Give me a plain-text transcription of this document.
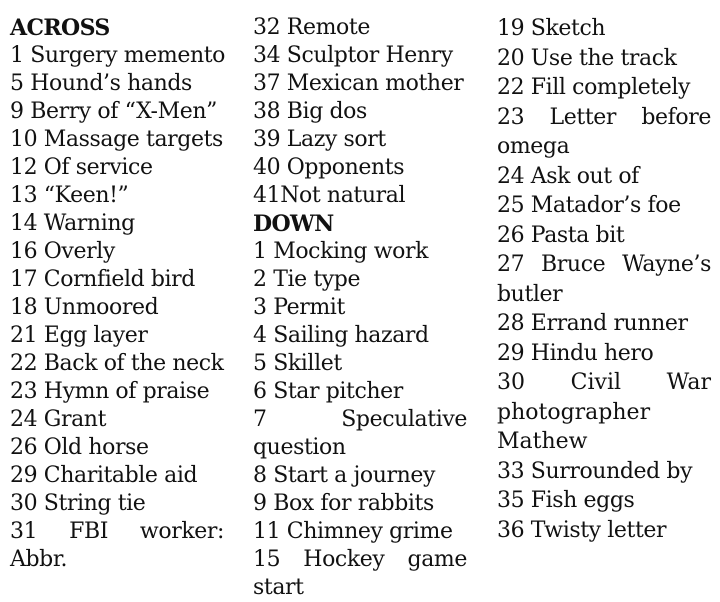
ACROSS
1 Surgery memento
5 Hound’s hands
9 Berry of “X-Men”
10 Massage targets
12 Of service
13 “Keen!”
14 Warning
16 Overly
17 Cornfield bird
18 Unmoored
21 Egg layer
22 Back of the neck
23 Hymn of praise
24 Grant
26 Old horse
29 Charitable aid
30 String tie
31 FBI worker: Abbr.
32 Remote
34 Sculptor Henry
37 Mexican mother
38 Big dos
39 Lazy sort
40 Opponents
41Not natural
DOWN
1 Mocking work
2 Tie type
3 Permit
4 Sailing hazard
5 Skillet
6 Star pitcher
7 Speculative question
8 Start a journey
9 Box for rabbits
11 Chimney grime
15 Hockey game start
19 Sketch
20 Use the track
22 Fill completely
23 Letter before omega
24 Ask out of
25 Matador’s foe
26 Pasta bit
27 Bruce Wayne’s butler
28 Errand runner
29 Hindu hero
30 Civil War photographer Mathew
33 Surrounded by
35 Fish eggs
36 Twisty letter
